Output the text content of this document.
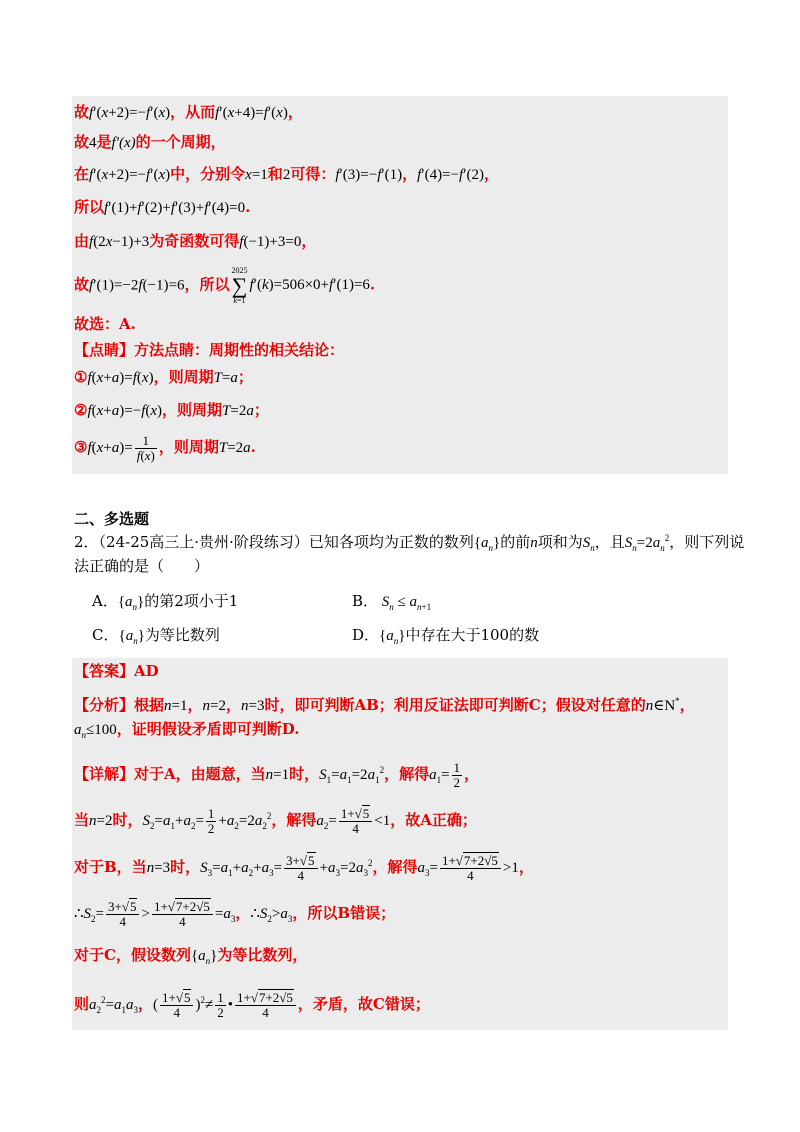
故f′(x+2)=−f′(x)，从而f′(x+4)=f′(x)，
故4是f′(x)的一个周期，
在f′(x+2)=−f′(x)中，分别令x=1和2可得：f′(3)=−f′(1)，f′(4)=−f′(2)，
所以f′(1)+f′(2)+f′(3)+f′(4)=0.
由f(2x−1)+3为奇函数可得f(−1)+3=0，
故f′(1)=−2f(−1)=6，所以
2025
∑
k=1
f′(k)=506×0+f′(1)=6.
故选：A.
【点睛】方法点睛：周期性的相关结论：
①f(x+a)=f(x)，则周期T=a；
②f(x+a)=−f(x)，则周期T=2a；
③f(x+a)= $\frac{1}{f(x)}$ ，则周期T=2a.
二、多选题
2．（24-25高三上·贵州·阶段练习）已知各项均为正数的数列$\{a_n\}$的前n项和为$S_n$，且$S_n=2a_n^2$，则下列说
法正确的是（　　）
A．$\{a_n\}$的第2项小于1	B． $S_n \le a_{n+1}$
C．$\{a_n\}$为等比数列	D．$\{a_n\}$中存在大于100的数
【答案】AD
【分析】根据n=1，n=2，n=3时，即可判断AB；利用反证法即可判断C；假设对任意的n∈N*，
$a_n\le 100$，证明假设矛盾即可判断D.
【详解】对于A，由题意，当n=1时，$S_1=a_1=2a_1^2$，解得$a_1= \frac{1}{2}$ ，
当n=2时，$S_2=a_1+a_2= \frac{1}{2} +a_2=2a_2^2$，解得$a_2= \frac{1+√5}{4} <1$，故A正确；
对于B，当n=3时，$S_3=a_1+a_2+a_3= \frac{3+√5}{4} +a_3=2a_3^2$，解得$a_3= \frac{1+√7+2√5}{4} >1$，
$\therefore S_2= \frac{3+√5}{4} > \frac{1+√7+2√5}{4} =a_3$，$\therefore S_2>a_3$，所以B错误；
对于C，假设数列$\{a_n\}$为等比数列，
则$a_2^2=a_1a_3$，( $\frac{1+√5}{4} )^2\ne \frac{1}{2}$ • $\frac{1+√7+2√5}{4}$ ，矛盾，故C错误；
